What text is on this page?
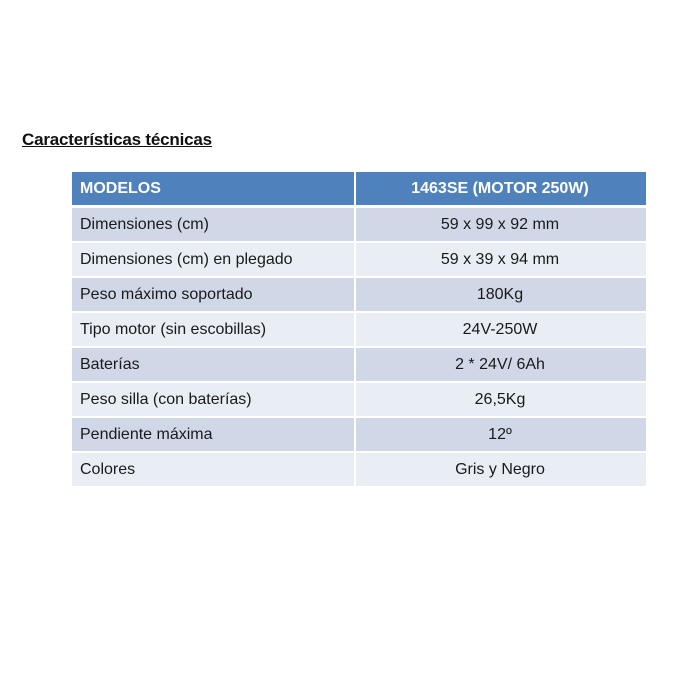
Características técnicas
MODELOS	1463SE (MOTOR 250W)
Dimensiones (cm)	59 x 99 x 92 mm
Dimensiones (cm) en plegado	59 x 39 x 94 mm
Peso máximo soportado	180Kg
Tipo motor (sin escobillas)	24V-250W
Baterías	2 * 24V/ 6Ah
Peso silla (con baterías)	26,5Kg
Pendiente máxima	12º
Colores	Gris y Negro
